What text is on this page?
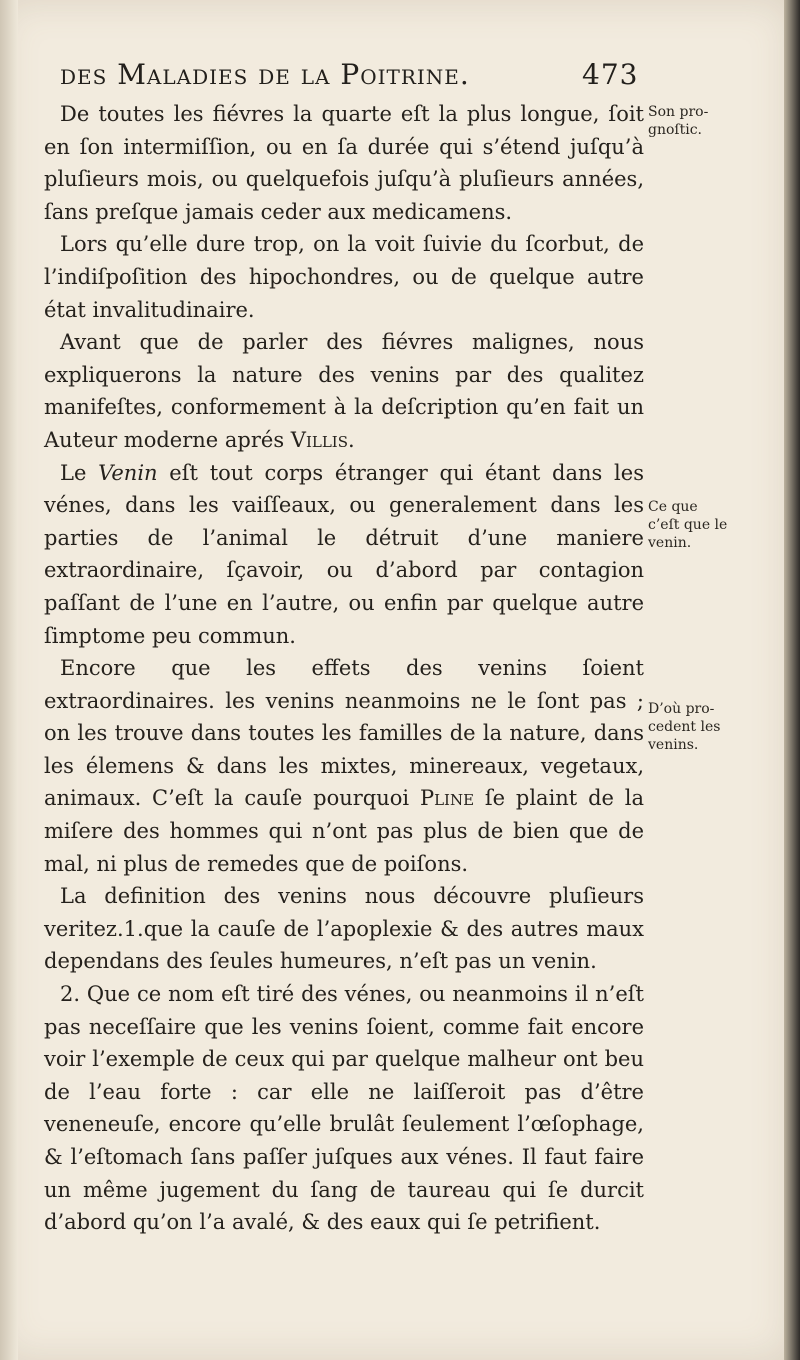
des Maladies de la Poitrine.	473

De toutes les fiévres la quarte eſt la plus longue, ſoit en ſon intermiſſion, ou en ſa durée qui s’étend juſqu’à pluſieurs mois, ou quelquefois juſqu’à pluſieurs années, ſans preſque jamais ceder aux medicamens.

Lors qu’elle dure trop, on la voit ſuivie du ſcorbut, de l’indiſpoſition des hipochondres, ou de quelque autre état invalitudinaire.

Avant que de parler des fiévres malignes, nous expliquerons la nature des venins par des qualitez manifeſtes, conformement à la deſcription qu’en fait un Auteur moderne aprés Villis.

Le Venin eſt tout corps étranger qui étant dans les vénes, dans les vaiſſeaux, ou generalement dans les parties de l’animal le détruit d’une maniere extraordinaire, ſçavoir, ou d’abord par contagion paſſant de l’une en l’autre, ou enfin par quelque autre ſimptome peu commun.

Encore que les effets des venins ſoient extraordinaires. les venins neanmoins ne le ſont pas ; on les trouve dans toutes les familles de la nature, dans les élemens & dans les mixtes, minereaux, vegetaux, animaux. C’eſt la cauſe pourquoi Pline ſe plaint de la miſere des hommes qui n’ont pas plus de bien que de mal, ni plus de remedes que de poiſons.

La definition des venins nous découvre pluſieurs veritez.1.que la cauſe de l’apoplexie & des autres maux dependans des ſeules humeures, n’eſt pas un venin.

2. Que ce nom eſt tiré des vénes, ou neanmoins il n’eſt pas neceſſaire que les venins ſoient, comme fait encore voir l’exemple de ceux qui par quelque malheur ont beu de l’eau forte : car elle ne laiſſeroit pas d’être veneneuſe, encore qu’elle brulât ſeulement l’œſophage, & l’eſtomach ſans paſſer juſques aux vénes. Il faut faire un même jugement du ſang de taureau qui ſe durcit d’abord qu’on l’a avalé, & des eaux qui ſe petrifient.

Son pro-
gnoſtic.
Ce que
c’eſt que le
venin.
D’où pro-
cedent les
venins.
